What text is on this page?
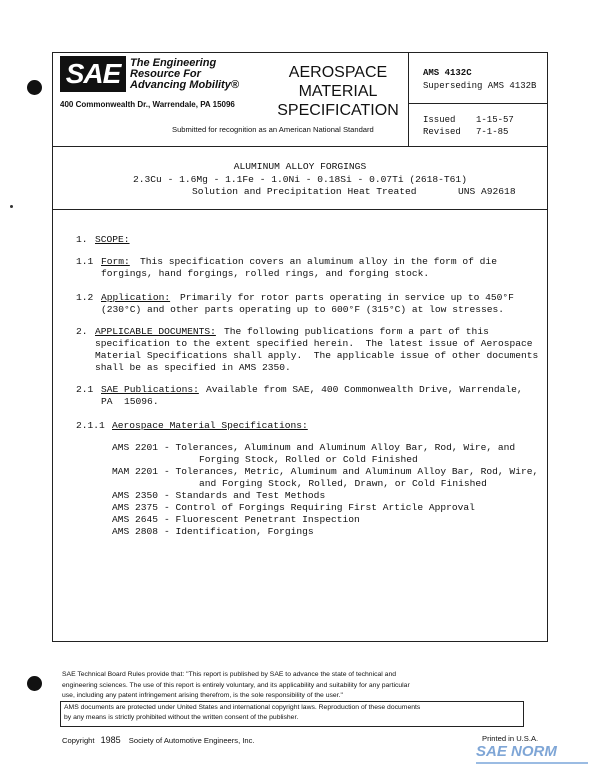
SAE The Engineering
Resource For
Advancing Mobility®
400 Commonwealth Dr., Warrendale, PA 15096
AEROSPACE
MATERIAL
SPECIFICATION
Submitted for recognition as an American National Standard
AMS 4132C
Superseding AMS 4132B
Issued 1-15-57
Revised 7-1-85
ALUMINUM ALLOY FORGINGS
2.3Cu - 1.6Mg - 1.1Fe - 1.0Ni - 0.18Si - 0.07Ti (2618-T61)
Solution and Precipitation Heat Treated	UNS A92618
1. SCOPE:
1.1 Form: This specification covers an aluminum alloy in the form of die
forgings, hand forgings, rolled rings, and forging stock.
1.2 Application: Primarily for rotor parts operating in service up to 450°F
(230°C) and other parts operating up to 600°F (315°C) at low stresses.
2. APPLICABLE DOCUMENTS: The following publications form a part of this
specification to the extent specified herein.  The latest issue of Aerospace
Material Specifications shall apply.  The applicable issue of other documents
shall be as specified in AMS 2350.
2.1 SAE Publications: Available from SAE, 400 Commonwealth Drive, Warrendale,
PA  15096.
2.1.1 Aerospace Material Specifications:
AMS 2201 - Tolerances, Aluminum and Aluminum Alloy Bar, Rod, Wire, and
Forging Stock, Rolled or Cold Finished
MAM 2201 - Tolerances, Metric, Aluminum and Aluminum Alloy Bar, Rod, Wire,
and Forging Stock, Rolled, Drawn, or Cold Finished
AMS 2350 - Standards and Test Methods
AMS 2375 - Control of Forgings Requiring First Article Approval
AMS 2645 - Fluorescent Penetrant Inspection
AMS 2808 - Identification, Forgings
SAE Technical Board Rules provide that: "This report is published by SAE to advance the state of technical and
engineering sciences. The use of this report is entirely voluntary, and its applicability and suitability for any particular
use, including any patent infringement arising therefrom, is the sole responsibility of the user."
AMS documents are protected under United States and international copyright laws. Reproduction of these documents
by any means is strictly prohibited without the written consent of the publisher.
Copyright 1985 Society of Automotive Engineers, Inc.	Printed in U.S.A.
SAE NORM
